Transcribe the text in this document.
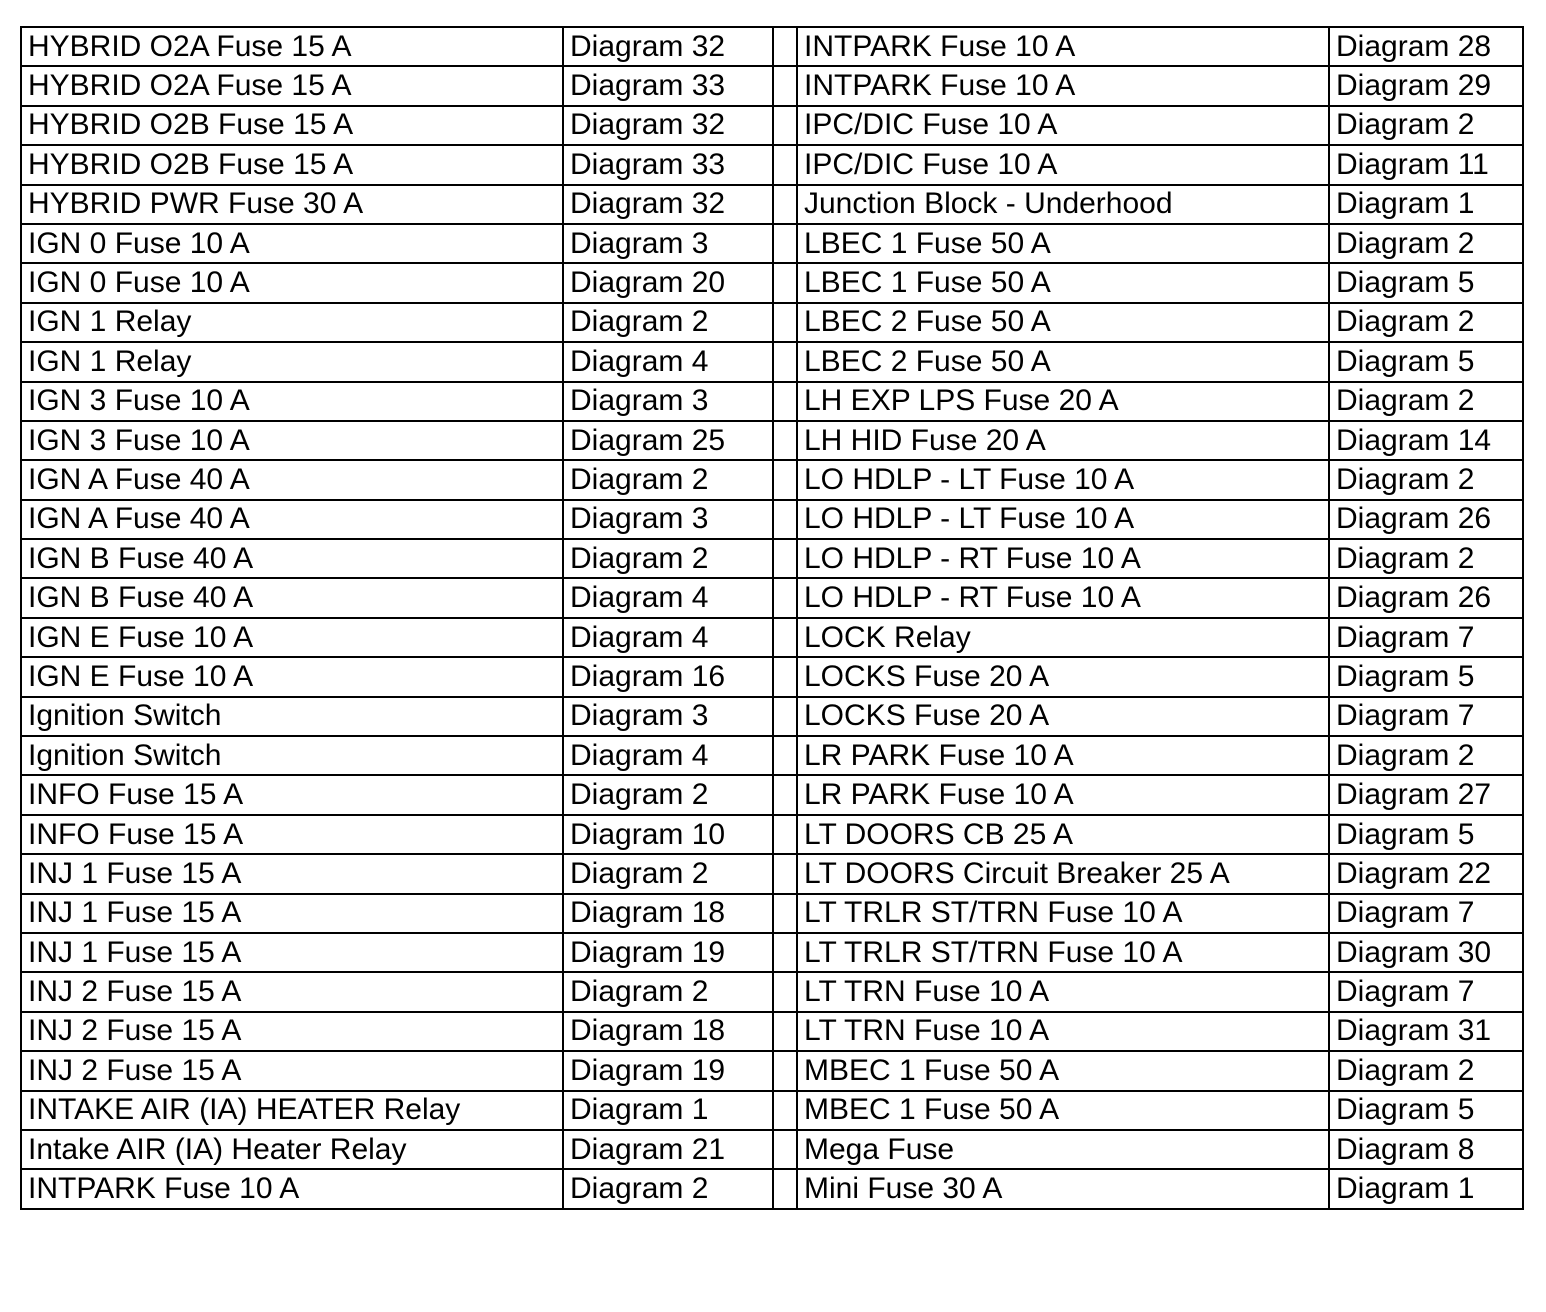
HYBRID O2A Fuse 15 A	Diagram 32		INTPARK Fuse 10 A	Diagram 28
HYBRID O2A Fuse 15 A	Diagram 33		INTPARK Fuse 10 A	Diagram 29
HYBRID O2B Fuse 15 A	Diagram 32		IPC/DIC Fuse 10 A	Diagram 2
HYBRID O2B Fuse 15 A	Diagram 33		IPC/DIC Fuse 10 A	Diagram 11
HYBRID PWR Fuse 30 A	Diagram 32		Junction Block - Underhood	Diagram 1
IGN 0 Fuse 10 A	Diagram 3		LBEC 1 Fuse 50 A	Diagram 2
IGN 0 Fuse 10 A	Diagram 20		LBEC 1 Fuse 50 A	Diagram 5
IGN 1 Relay	Diagram 2		LBEC 2 Fuse 50 A	Diagram 2
IGN 1 Relay	Diagram 4		LBEC 2 Fuse 50 A	Diagram 5
IGN 3 Fuse 10 A	Diagram 3		LH EXP LPS Fuse 20 A	Diagram 2
IGN 3 Fuse 10 A	Diagram 25		LH HID Fuse 20 A	Diagram 14
IGN A Fuse 40 A	Diagram 2		LO HDLP - LT Fuse 10 A	Diagram 2
IGN A Fuse 40 A	Diagram 3		LO HDLP - LT Fuse 10 A	Diagram 26
IGN B Fuse 40 A	Diagram 2		LO HDLP - RT Fuse 10 A	Diagram 2
IGN B Fuse 40 A	Diagram 4		LO HDLP - RT Fuse 10 A	Diagram 26
IGN E Fuse 10 A	Diagram 4		LOCK Relay	Diagram 7
IGN E Fuse 10 A	Diagram 16		LOCKS Fuse 20 A	Diagram 5
Ignition Switch	Diagram 3		LOCKS Fuse 20 A	Diagram 7
Ignition Switch	Diagram 4		LR PARK Fuse 10 A	Diagram 2
INFO Fuse 15 A	Diagram 2		LR PARK Fuse 10 A	Diagram 27
INFO Fuse 15 A	Diagram 10		LT DOORS CB 25 A	Diagram 5
INJ 1 Fuse 15 A	Diagram 2		LT DOORS Circuit Breaker 25 A	Diagram 22
INJ 1 Fuse 15 A	Diagram 18		LT TRLR ST/TRN Fuse 10 A	Diagram 7
INJ 1 Fuse 15 A	Diagram 19		LT TRLR ST/TRN Fuse 10 A	Diagram 30
INJ 2 Fuse 15 A	Diagram 2		LT TRN Fuse 10 A	Diagram 7
INJ 2 Fuse 15 A	Diagram 18		LT TRN Fuse 10 A	Diagram 31
INJ 2 Fuse 15 A	Diagram 19		MBEC 1 Fuse 50 A	Diagram 2
INTAKE AIR (IA) HEATER Relay	Diagram 1		MBEC 1 Fuse 50 A	Diagram 5
Intake AIR (IA) Heater Relay	Diagram 21		Mega Fuse	Diagram 8
INTPARK Fuse 10 A	Diagram 2		Mini Fuse 30 A	Diagram 1
